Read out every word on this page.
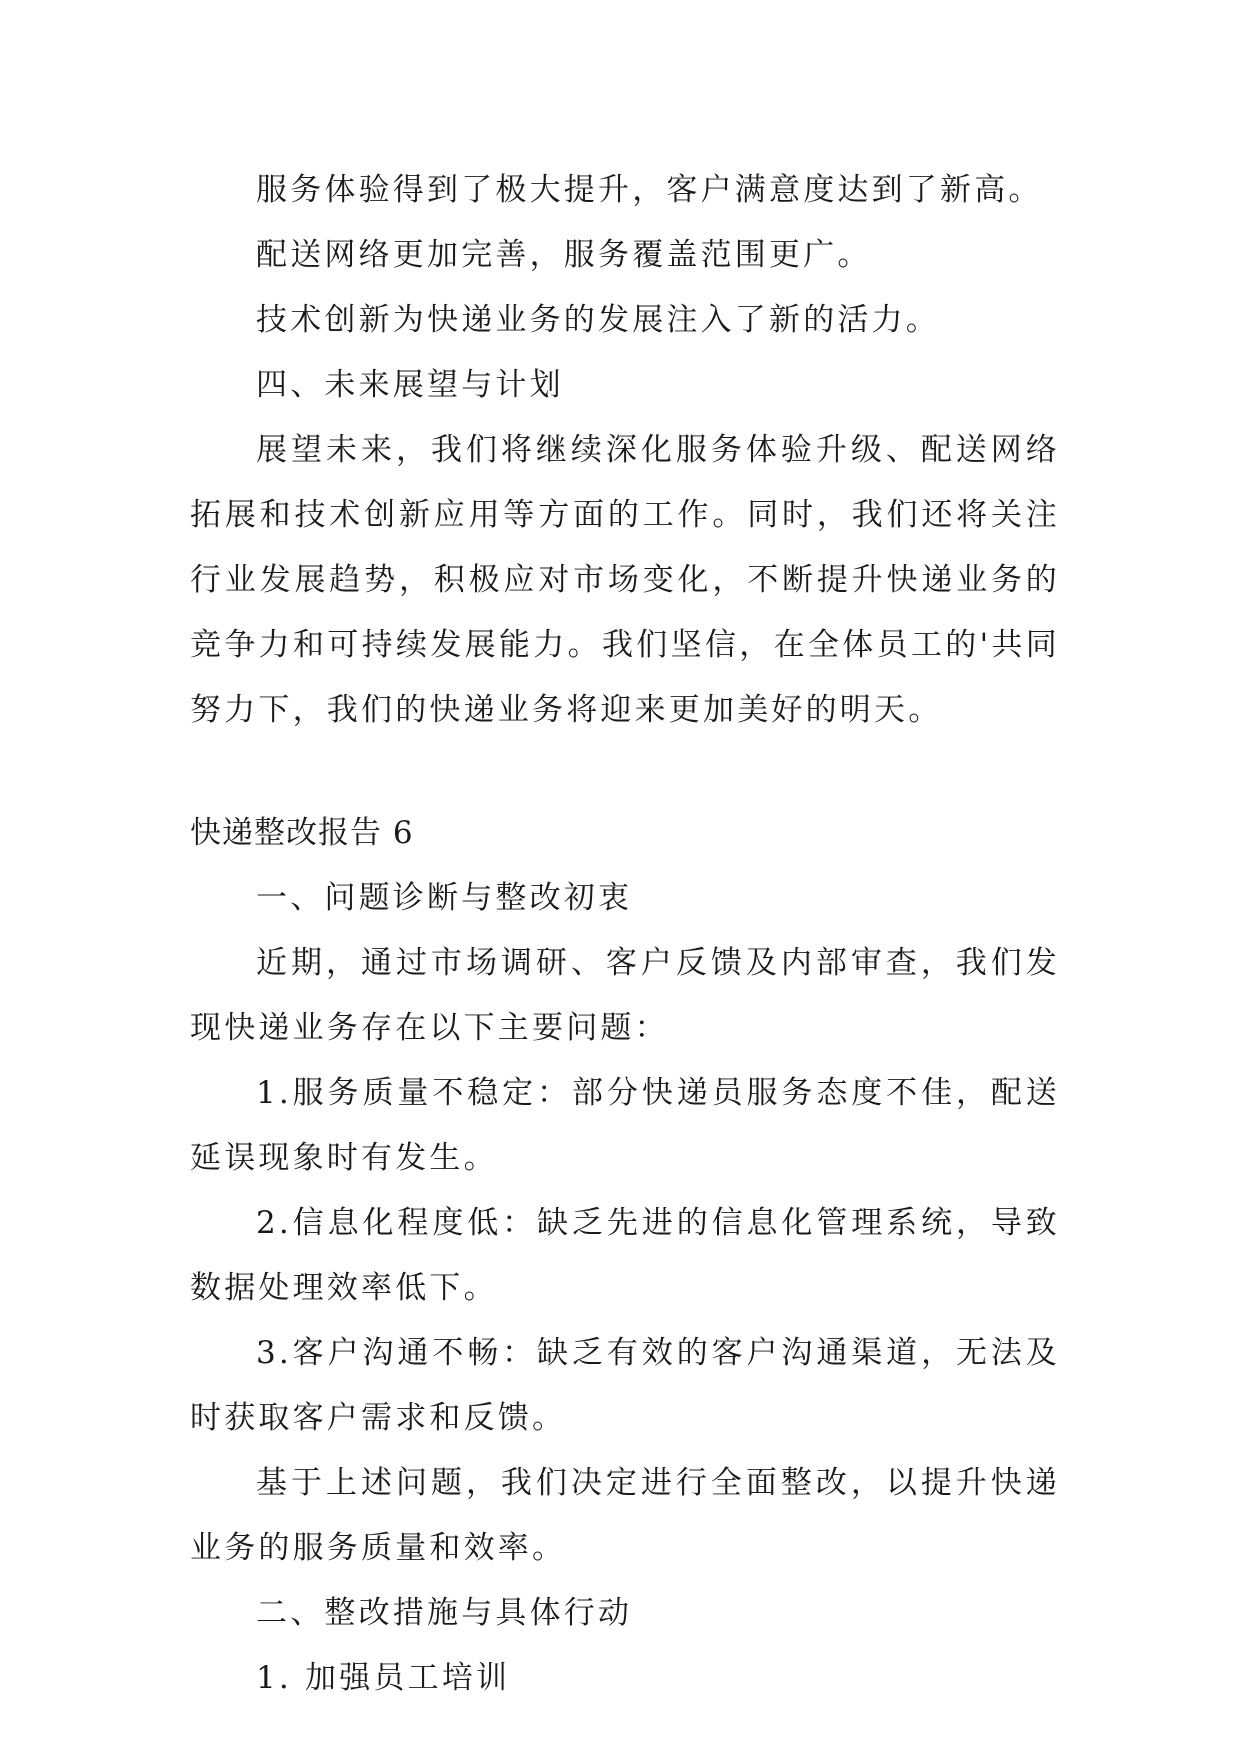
服务体验得到了极大提升，客户满意度达到了新高。

配送网络更加完善，服务覆盖范围更广。

技术创新为快递业务的发展注入了新的活力。

四、未来展望与计划

展望未来，我们将继续深化服务体验升级、配送网络拓展和技术创新应用等方面的工作。同时，我们还将关注行业发展趋势，积极应对市场变化，不断提升快递业务的竞争力和可持续发展能力。我们坚信，在全体员工的'共同努力下，我们的快递业务将迎来更加美好的明天。

快递整改报告 6

一、问题诊断与整改初衷

近期，通过市场调研、客户反馈及内部审查，我们发现快递业务存在以下主要问题：

1.服务质量不稳定：部分快递员服务态度不佳，配送延误现象时有发生。

2.信息化程度低：缺乏先进的信息化管理系统，导致数据处理效率低下。

3.客户沟通不畅：缺乏有效的客户沟通渠道，无法及时获取客户需求和反馈。

基于上述问题，我们决定进行全面整改，以提升快递业务的服务质量和效率。

二、整改措施与具体行动

1. 加强员工培训
